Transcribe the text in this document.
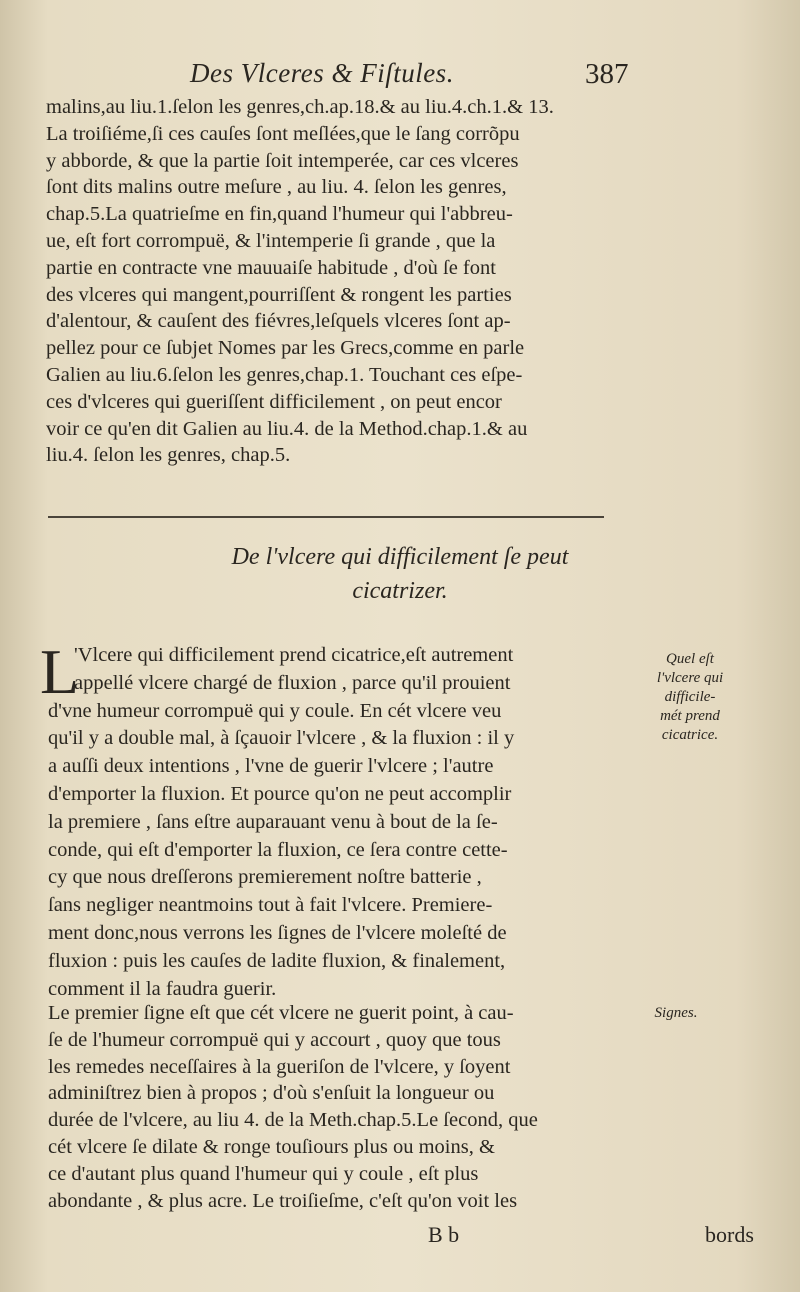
Des Vlceres & Fiſtules.	387
malins,au liu.1.ſelon les genres,ch.ap.18.& au liu.4.ch.1.& 13.
La troiſiéme,ſi ces cauſes ſont meſlées,que le ſang corrõpu
y abborde, & que la partie ſoit intemperée, car ces vlceres
ſont dits malins outre meſure , au liu. 4. ſelon les genres,
chap.5.La quatrieſme en fin,quand l'humeur qui l'abbreu-
ue, eſt fort corrompuë, & l'intemperie ſi grande , que la
partie en contracte vne mauuaiſe habitude , d'où ſe font
des vlceres qui mangent,pourriſſent & rongent les parties
d'alentour, & cauſent des fiévres,leſquels vlceres ſont ap-
pellez pour ce ſubjet Nomes par les Grecs,comme en parle
Galien au liu.6.ſelon les genres,chap.1. Touchant ces eſpe-
ces d'vlceres qui gueriſſent difficilement , on peut encor
voir ce qu'en dit Galien au liu.4. de la Method.chap.1.& au
liu.4. ſelon les genres, chap.5.
De l'vlcere qui difficilement ſe peut
cicatrizer.
L
'Vlcere qui difficilement prend cicatrice,eſt autrement
appellé vlcere chargé de fluxion , parce qu'il prouient
d'vne humeur corrompuë qui y coule. En cét vlcere veu
qu'il y a double mal, à ſçauoir l'vlcere , & la fluxion : il y
a auſſi deux intentions , l'vne de guerir l'vlcere ; l'autre
d'emporter la fluxion. Et pource qu'on ne peut accomplir
la premiere , ſans eſtre auparauant venu à bout de la ſe-
conde, qui eſt d'emporter la fluxion, ce ſera contre cette-
cy que nous dreſſerons premierement noſtre batterie ,
ſans negliger neantmoins tout à fait l'vlcere. Premiere-
ment donc,nous verrons les ſignes de l'vlcere moleſté de
fluxion : puis les cauſes de ladite fluxion, & finalement,
comment il la faudra guerir.
Le premier ſigne eſt que cét vlcere ne guerit point, à cau-
ſe de l'humeur corrompuë qui y accourt , quoy que tous
les remedes neceſſaires à la gueriſon de l'vlcere, y ſoyent
adminiſtrez bien à propos ; d'où s'enſuit la longueur ou
durée de l'vlcere, au liu 4. de la Meth.chap.5.Le ſecond, que
cét vlcere ſe dilate & ronge touſiours plus ou moins, &
ce d'autant plus quand l'humeur qui y coule , eſt plus
abondante , & plus acre. Le troiſieſme, c'eſt qu'on voit les
Quel eſt
l'vlcere qui
difficile-
mét prend
cicatrice.
Signes.
B b	bords
